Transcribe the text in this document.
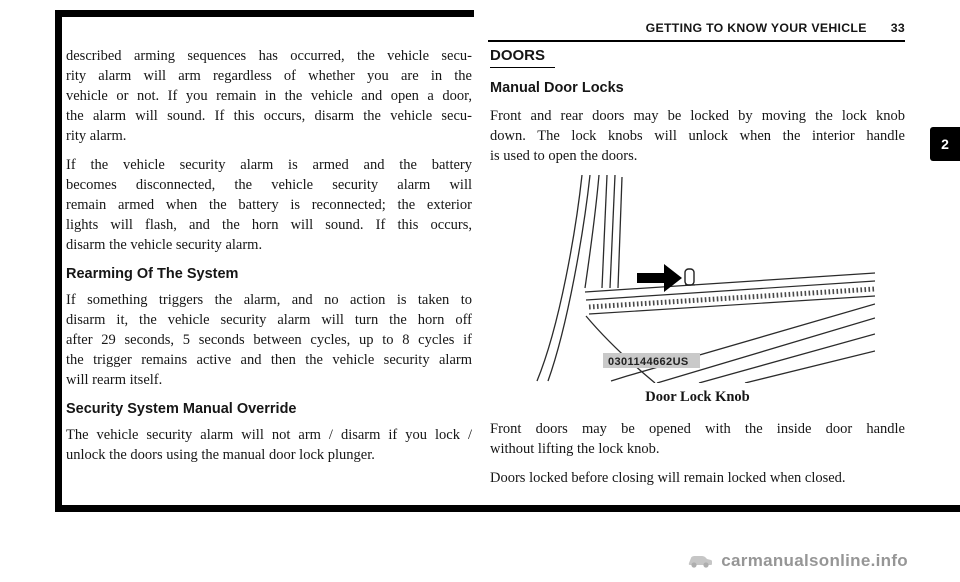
GETTING TO KNOW YOUR VEHICLE 33
2
described arming sequences has occurred, the vehicle secu-
rity alarm will arm regardless of whether you are in the
vehicle or not. If you remain in the vehicle and open a door,
the alarm will sound. If this occurs, disarm the vehicle secu-
rity alarm.
If the vehicle security alarm is armed and the battery
becomes disconnected, the vehicle security alarm will
remain armed when the battery is reconnected; the exterior
lights will flash, and the horn will sound. If this occurs,
disarm the vehicle security alarm.
Rearming Of The System
If something triggers the alarm, and no action is taken to
disarm it, the vehicle security alarm will turn the horn off
after 29 seconds, 5 seconds between cycles, up to 8 cycles if
the trigger remains active and then the vehicle security alarm
will rearm itself.
Security System Manual Override
The vehicle security alarm will not arm / disarm if you lock /
unlock the doors using the manual door lock plunger.
DOORS
Manual Door Locks
Front and rear doors may be locked by moving the lock knob
down. The lock knobs will unlock when the interior handle
is used to open the doors.
0301144662US
Door Lock Knob
Front doors may be opened with the inside door handle
without lifting the lock knob.
Doors locked before closing will remain locked when closed.
carmanualsonline.info
